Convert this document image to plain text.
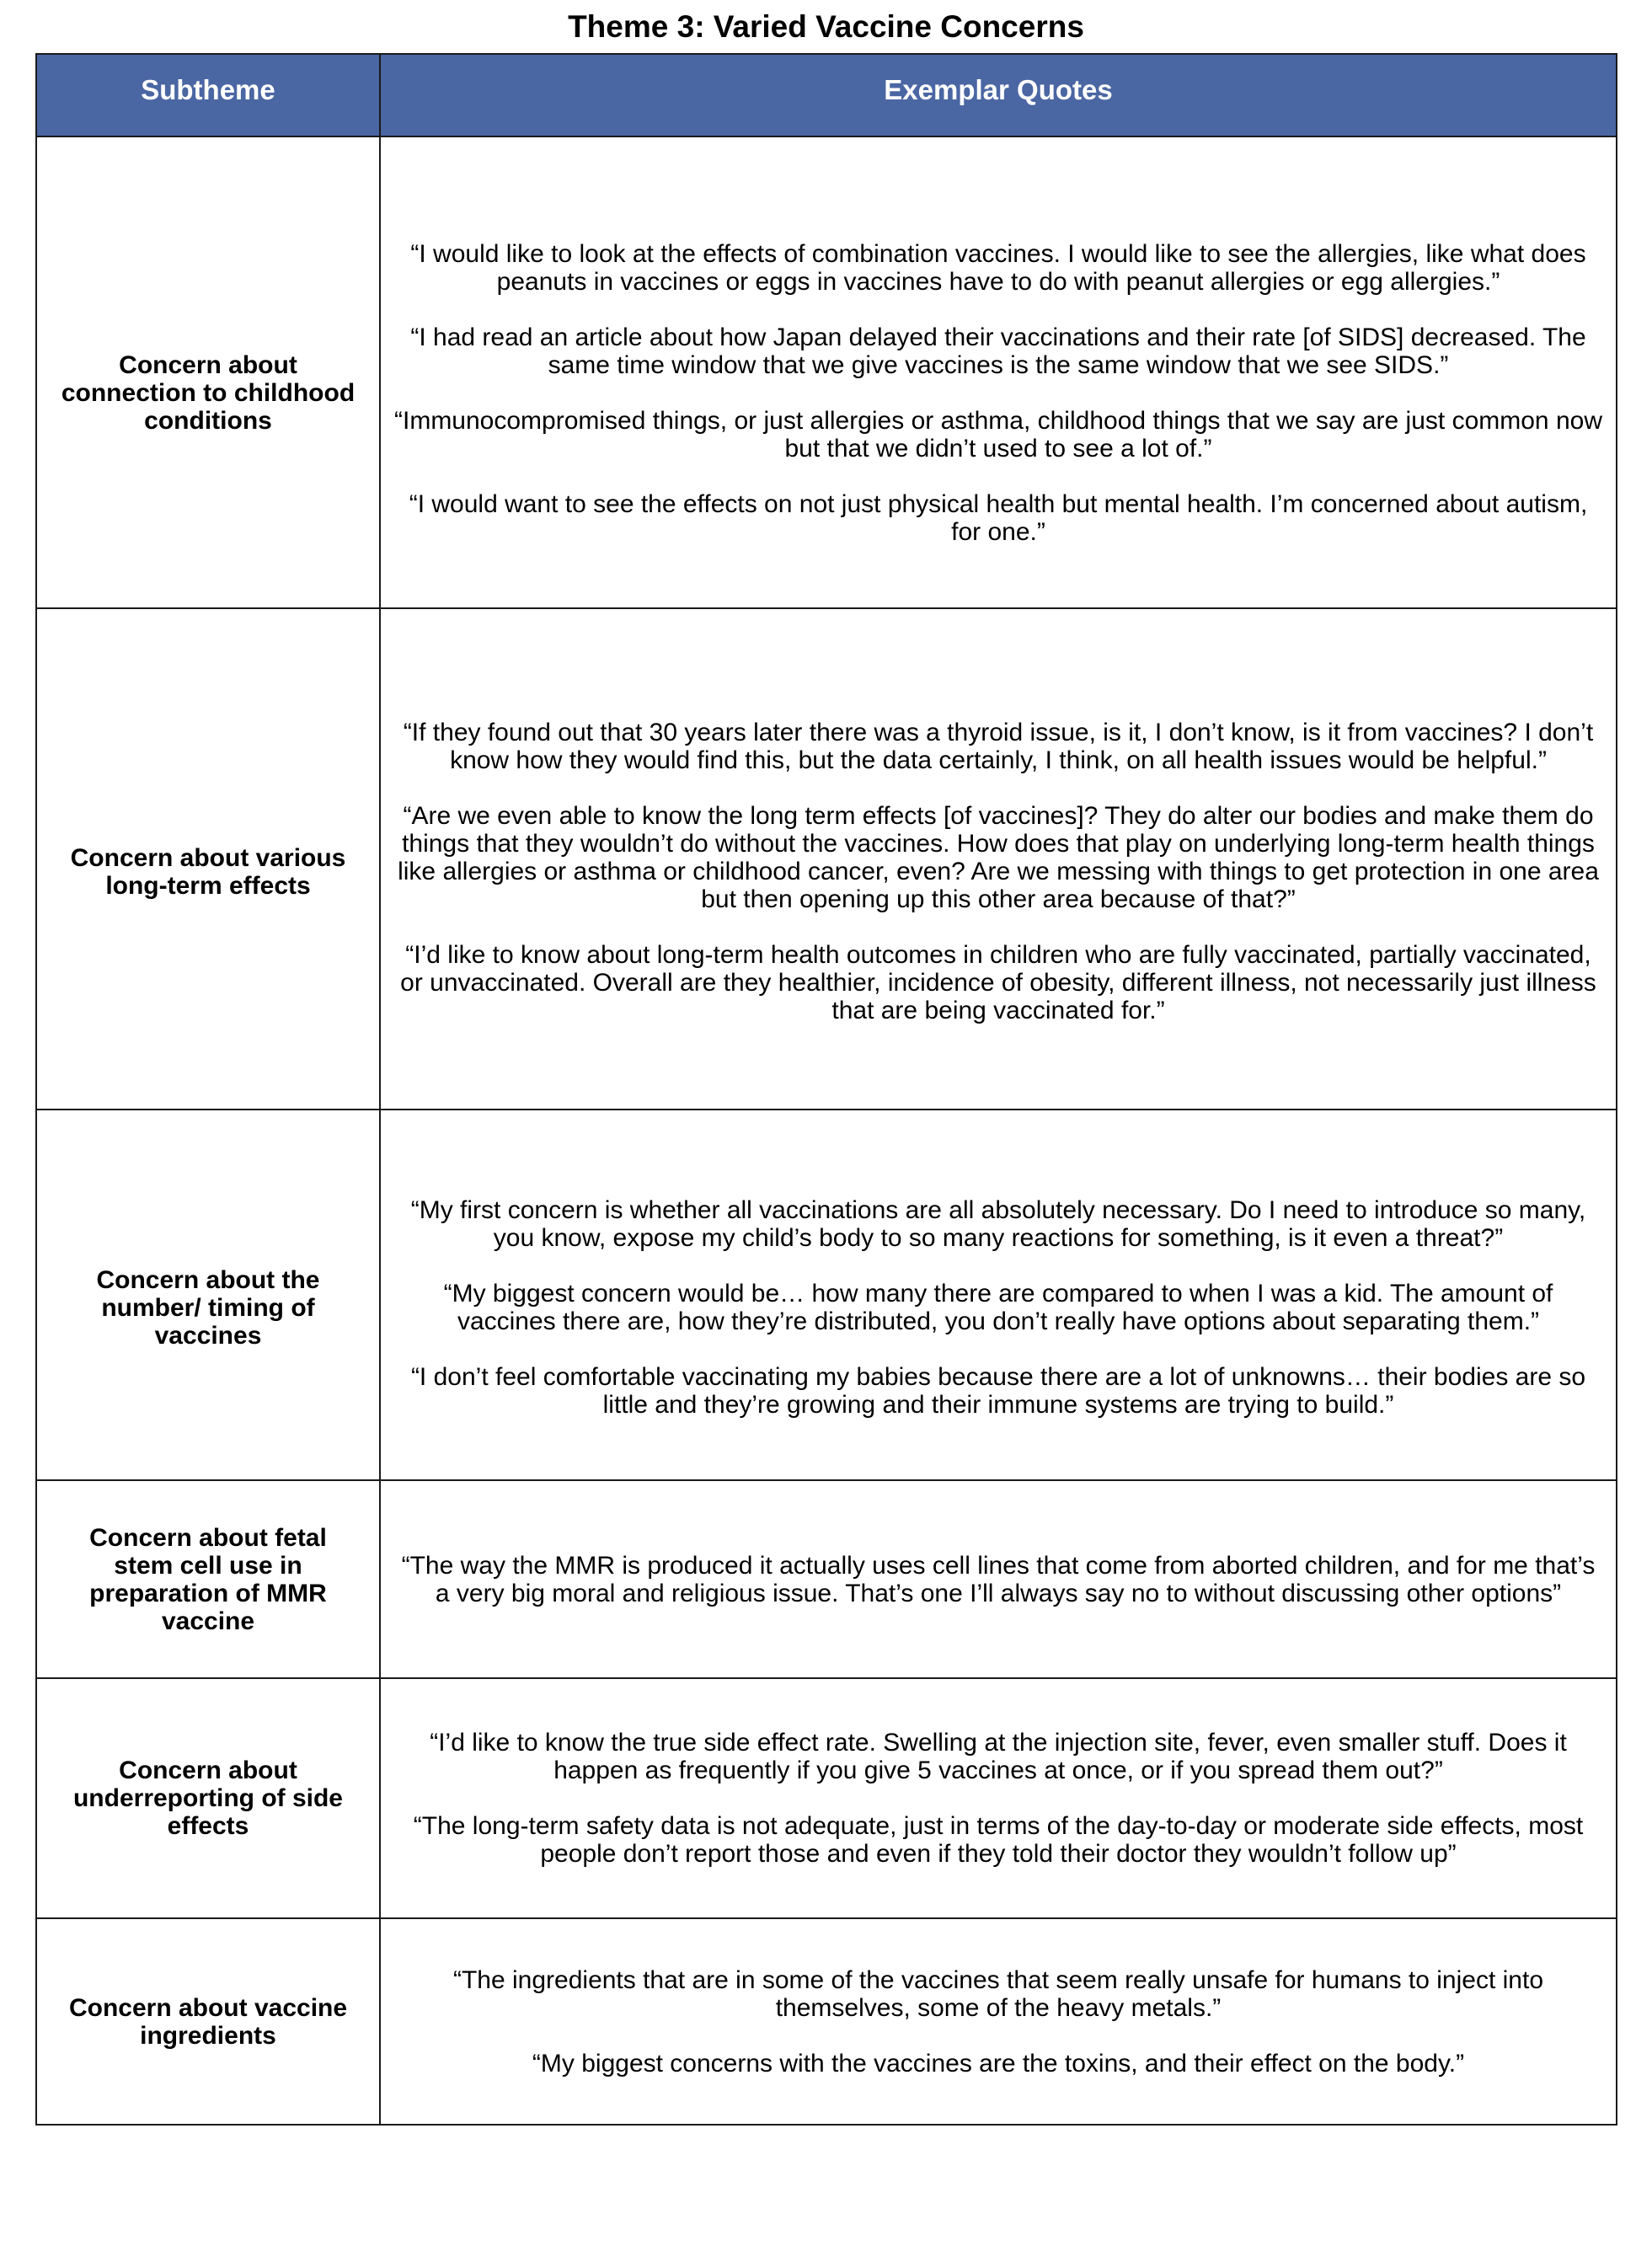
Theme 3: Varied Vaccine Concerns
Subtheme	Exemplar Quotes
Concern about connection to childhood conditions	“I would like to look at the effects of combination vaccines. I would like to see the allergies, like what does peanuts in vaccines or eggs in vaccines have to do with peanut allergies or egg allergies.”

“I had read an article about how Japan delayed their vaccinations and their rate [of SIDS] decreased. The same time window that we give vaccines is the same window that we see SIDS.”

“Immunocompromised things, or just allergies or asthma, childhood things that we say are just common now but that we didn’t used to see a lot of.”

“I would want to see the effects on not just physical health but mental health. I’m concerned about autism, for one.”

Concern about various long-term effects	“If they found out that 30 years later there was a thyroid issue, is it, I don’t know, is it from vaccines? I don’t know how they would find this, but the data certainly, I think, on all health issues would be helpful.”

“Are we even able to know the long term effects [of vaccines]? They do alter our bodies and make them do things that they wouldn’t do without the vaccines. How does that play on underlying long-term health things like allergies or asthma or childhood cancer, even? Are we messing with things to get protection in one area but then opening up this other area because of that?”

“I’d like to know about long-term health outcomes in children who are fully vaccinated, partially vaccinated, or unvaccinated. Overall are they healthier, incidence of obesity, different illness, not necessarily just illness that are being vaccinated for.”

Concern about the number/ timing of vaccines	“My first concern is whether all vaccinations are all absolutely necessary. Do I need to introduce so many, you know, expose my child’s body to so many reactions for something, is it even a threat?”

“My biggest concern would be… how many there are compared to when I was a kid. The amount of vaccines there are, how they’re distributed, you don’t really have options about separating them.”

“I don’t feel comfortable vaccinating my babies because there are a lot of unknowns… their bodies are so little and they’re growing and their immune systems are trying to build.”

Concern about fetal stem cell use in preparation of MMR vaccine	“The way the MMR is produced it actually uses cell lines that come from aborted children, and for me that’s a very big moral and religious issue. That’s one I’ll always say no to without discussing other options”

Concern about underreporting of side effects	“I’d like to know the true side effect rate. Swelling at the injection site, fever, even smaller stuff. Does it happen as frequently if you give 5 vaccines at once, or if you spread them out?”

“The long-term safety data is not adequate, just in terms of the day-to-day or moderate side effects, most people don’t report those and even if they told their doctor they wouldn’t follow up”

Concern about vaccine ingredients	“The ingredients that are in some of the vaccines that seem really unsafe for humans to inject into themselves, some of the heavy metals.”

“My biggest concerns with the vaccines are the toxins, and their effect on the body.”
